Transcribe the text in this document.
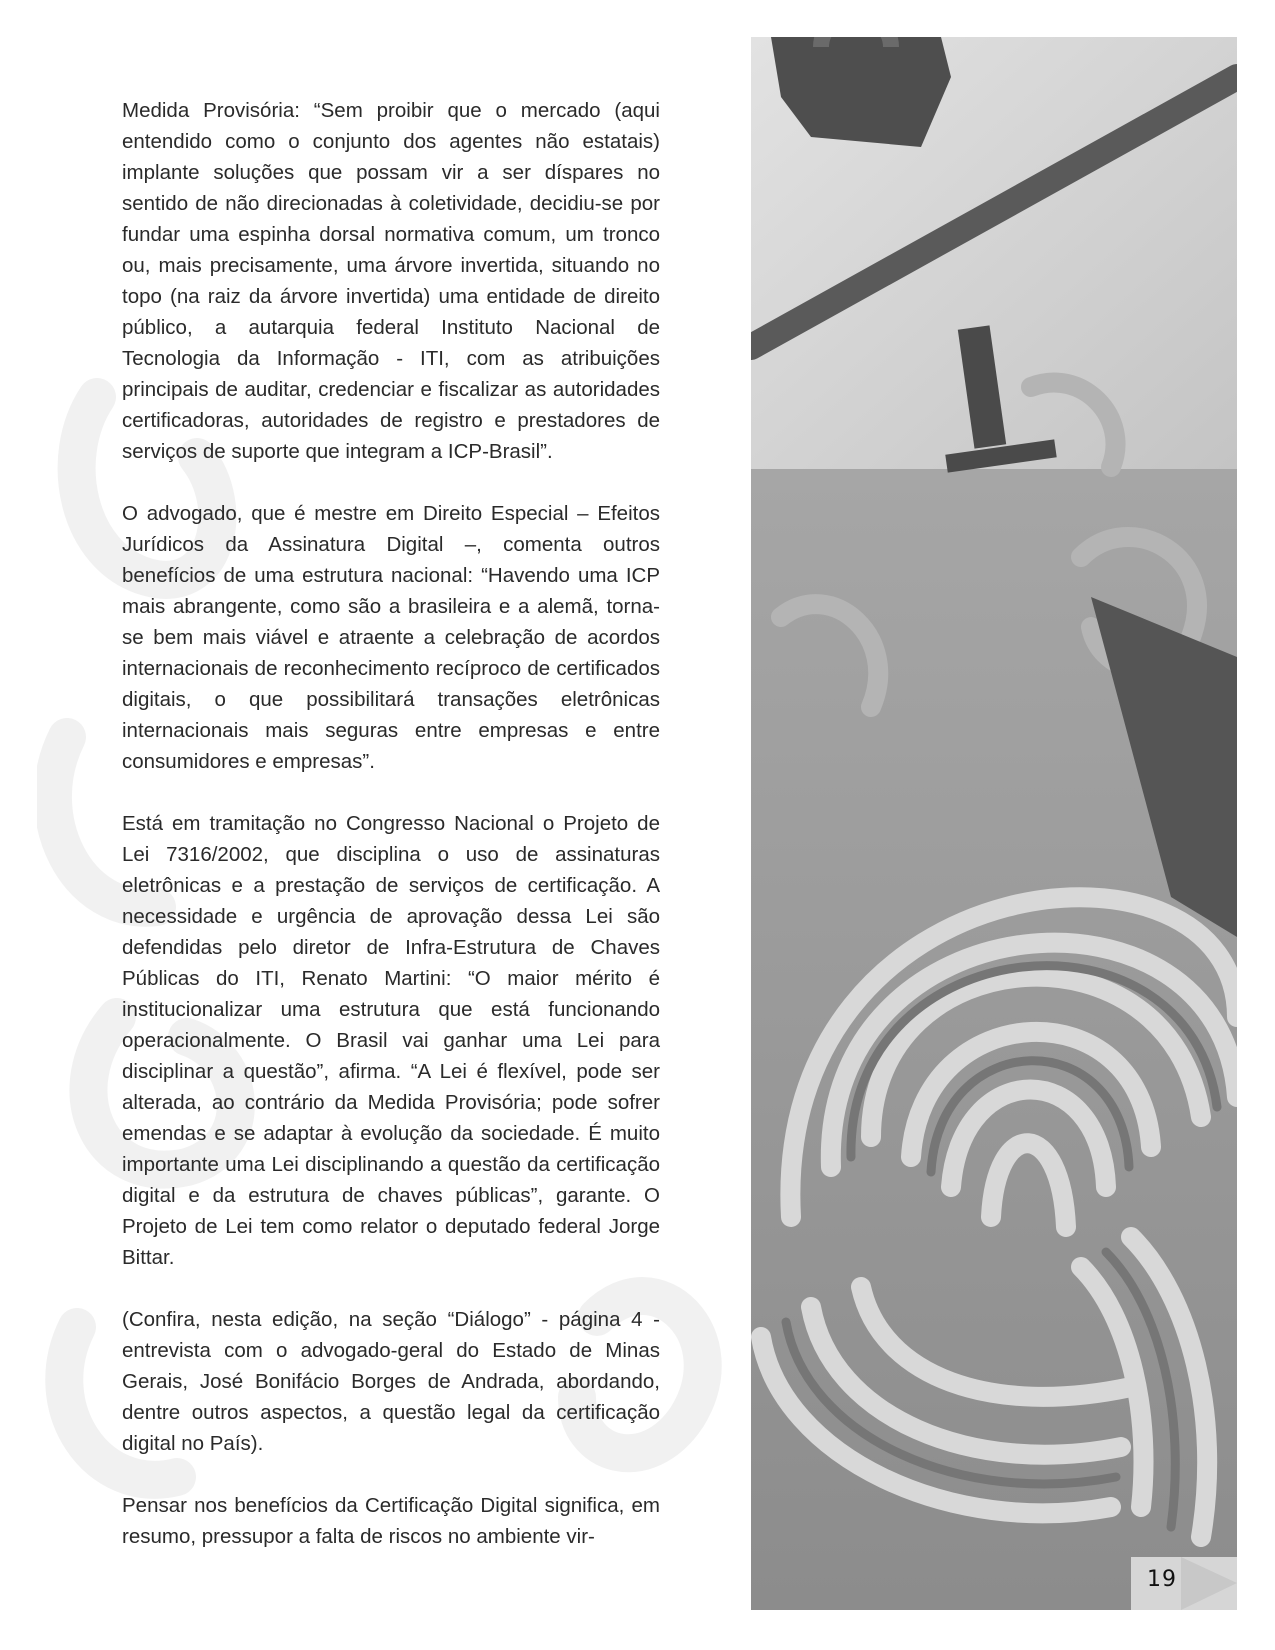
Medida Provisória: “Sem proibir que o mercado (aqui entendido como o conjunto dos agentes não estatais) implante soluções que possam vir a ser díspares no sentido de não direcionadas à coletividade, decidiu-se por fundar uma espinha dorsal normativa comum, um tronco ou, mais precisamente, uma árvore invertida, situando no topo (na raiz da árvore invertida) uma entidade de direito público, a autarquia federal Instituto Nacional de Tecnologia da Informação - ITI, com as atribuições principais de auditar, credenciar e fiscalizar as autoridades certificadoras, autoridades de registro e prestadores de serviços de suporte que integram a ICP-Brasil”.

O advogado, que é mestre em Direito Especial – Efeitos Jurídicos da Assinatura Digital –, comenta outros benefícios de uma estrutura nacional: “Havendo uma ICP mais abrangente, como são a brasileira e a alemã, torna-se bem mais viável e atraente a celebração de acordos internacionais de reconhecimento recíproco de certificados digitais, o que possibilitará transações eletrônicas internacionais mais seguras entre empresas e entre consumidores e empresas”.

Está em tramitação no Congresso Nacional o Projeto de Lei 7316/2002, que disciplina o uso de assinaturas eletrônicas e a prestação de serviços de certificação. A necessidade e urgência de aprovação dessa Lei são defendidas pelo diretor de Infra-Estrutura de Chaves Públicas do ITI, Renato Martini: “O maior mérito é institucionalizar uma estrutura que está funcionando operacionalmente. O Brasil vai ganhar uma Lei para disciplinar a questão”, afirma. “A Lei é flexível, pode ser alterada, ao contrário da Medida Provisória; pode sofrer emendas e se adaptar à evolução da sociedade. É muito importante uma Lei disciplinando a questão da certificação digital e da estrutura de chaves públicas”, garante. O Projeto de Lei tem como relator o deputado federal Jorge Bittar.

(Confira, nesta edição, na seção “Diálogo” - página 4 - entrevista com o advogado-geral do Estado de Minas Gerais, José Bonifácio Borges de Andrada, abordando, dentre outros aspectos, a questão legal da certificação digital no País).

Pensar nos benefícios da Certificação Digital significa, em resumo, pressupor a falta de riscos no ambiente vir-

19
